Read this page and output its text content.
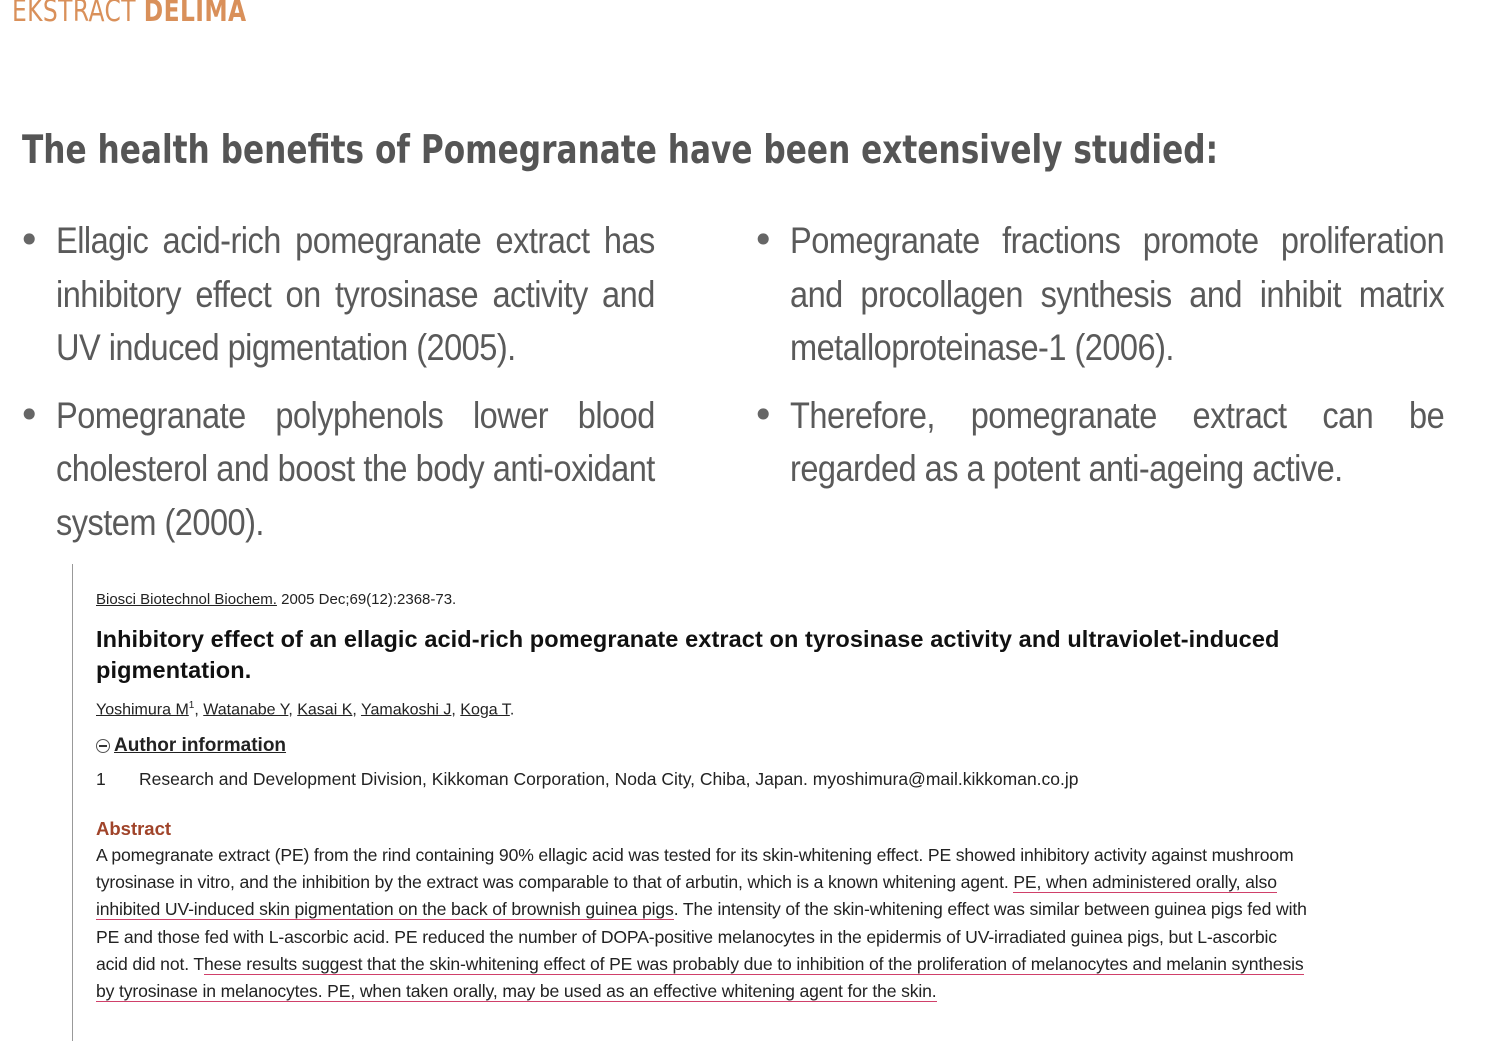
EKSTRACT DELIMA
The health benefits of Pomegranate have been extensively studied:
• Ellagic acid-rich pomegranate extract has inhibitory effect on tyrosinase activity and UV induced pigmentation (2005).
• Pomegranate polyphenols lower blood cholesterol and boost the body anti-oxidant system (2000).
• Pomegranate fractions promote proliferation and procollagen synthesis and inhibit matrix metalloproteinase-1 (2006).
• Therefore, pomegranate extract can be regarded as a potent anti-ageing active.
Biosci Biotechnol Biochem. 2005 Dec;69(12):2368-73.
Inhibitory effect of an ellagic acid-rich pomegranate extract on tyrosinase activity and ultraviolet-induced pigmentation.
Yoshimura $M^1$, Watanabe Y, Kasai K, Yamakoshi J, Koga T.
Author information
1 Research and Development Division, Kikkoman Corporation, Noda City, Chiba, Japan. myoshimura@mail.kikkoman.co.jp
Abstract
A pomegranate extract (PE) from the rind containing 90% ellagic acid was tested for its skin-whitening effect. PE showed inhibitory activity against mushroom tyrosinase in vitro, and the inhibition by the extract was comparable to that of arbutin, which is a known whitening agent. PE, when administered orally, also inhibited UV-induced skin pigmentation on the back of brownish guinea pigs. The intensity of the skin-whitening effect was similar between guinea pigs fed with PE and those fed with L-ascorbic acid. PE reduced the number of DOPA-positive melanocytes in the epidermis of UV-irradiated guinea pigs, but L-ascorbic acid did not. These results suggest that the skin-whitening effect of PE was probably due to inhibition of the proliferation of melanocytes and melanin synthesis by tyrosinase in melanocytes. PE, when taken orally, may be used as an effective whitening agent for the skin.
